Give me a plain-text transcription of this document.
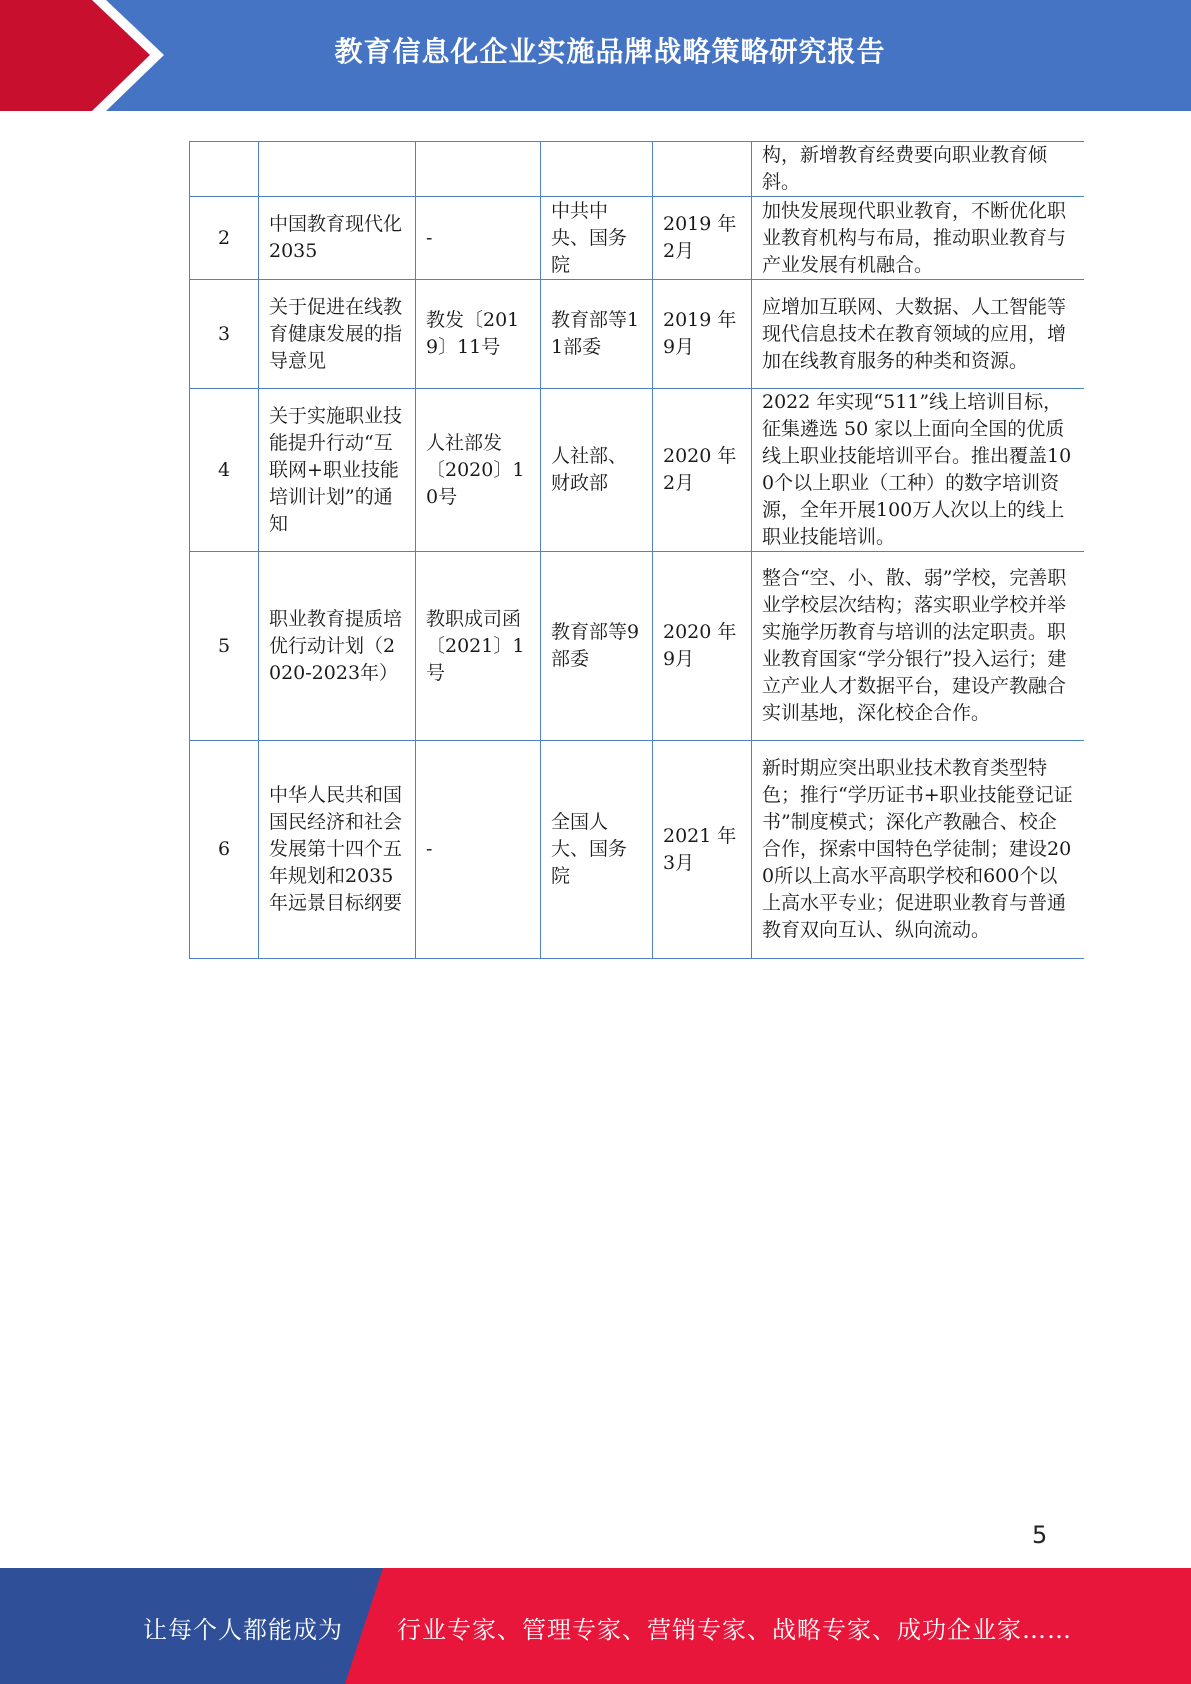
教育信息化企业实施品牌战略策略研究报告

					构，新增教育经费要向职业教育倾斜。

2	中国教育现代化2035	-	中共中央、国务院	2019 年2月	加快发展现代职业教育，不断优化职业教育机构与布局，推动职业教育与产业发展有机融合。

3	关于促进在线教育健康发展的指导意见	教发〔2019〕11号	教育部等11部委	2019 年9月	应增加互联网、大数据、人工智能等现代信息技术在教育领域的应用，增加在线教育服务的种类和资源。

4	关于实施职业技能提升行动“互联网+职业技能培训计划”的通知	人社部发〔2020〕10号	人社部、财政部	2020 年2月	2022 年实现“511”线上培训目标，征集遴选 50 家以上面向全国的优质线上职业技能培训平台。推出覆盖100个以上职业（工种）的数字培训资源，全年开展100万人次以上的线上职业技能培训。

5	职业教育提质培优行动计划（2020-2023年）	教职成司函〔2021〕1号	教育部等9部委	2020 年9月	整合“空、小、散、弱”学校，完善职业学校层次结构；落实职业学校并举实施学历教育与培训的法定职责。职业教育国家“学分银行”投入运行；建立产业人才数据平台，建设产教融合实训基地，深化校企合作。

6	中华人民共和国国民经济和社会发展第十四个五年规划和2035年远景目标纲要	-	全国人大、国务院	2021 年3月	新时期应突出职业技术教育类型特色；推行“学历证书+职业技能登记证书”制度模式；深化产教融合、校企合作，探索中国特色学徒制；建设200所以上高水平高职学校和600个以上高水平专业；促进职业教育与普通教育双向互认、纵向流动。
5
让每个人都能成为 行业专家、管理专家、营销专家、战略专家、成功企业家……
